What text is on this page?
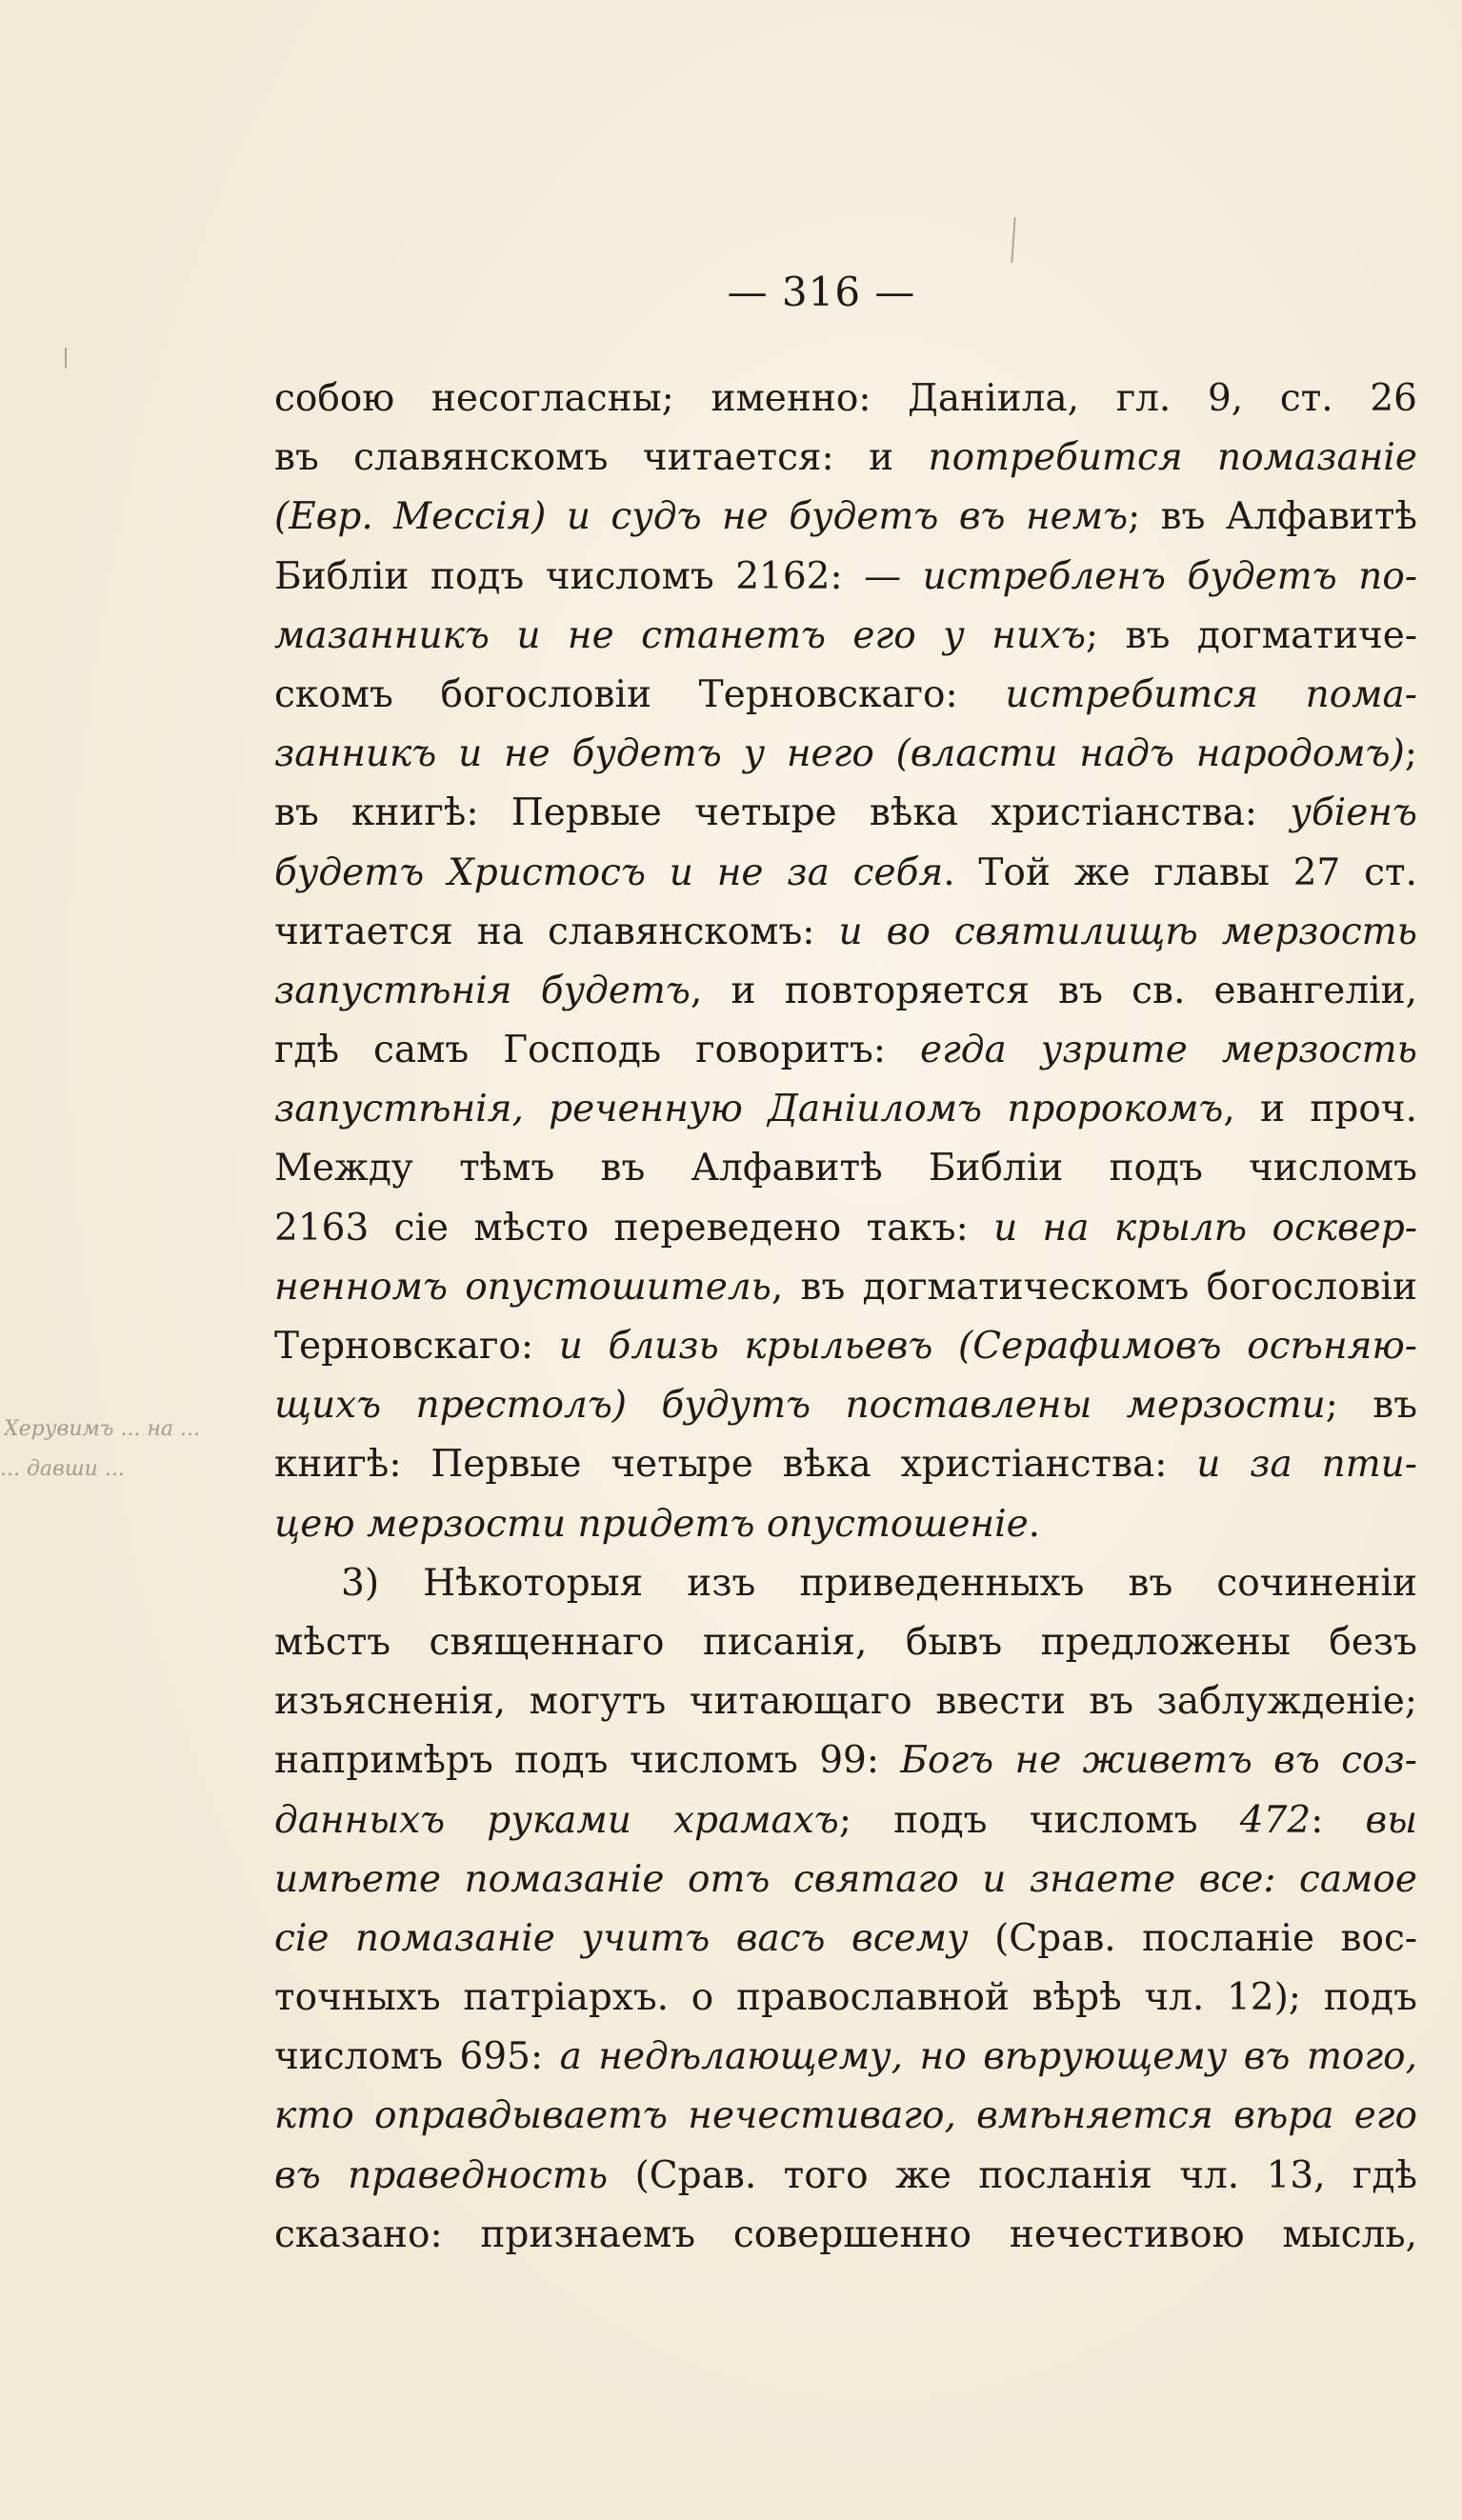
— 316 —
Херувимъ ... на ...
... давши ...
собою несогласны; именно: Даніила, гл. 9, ст. 26
въ славянскомъ читается: и потребится помазаніе
(Евр. Мессія) и судъ не будетъ въ немъ; въ Алфавитѣ
Библіи подъ числомъ 2162: — истребленъ будетъ по-
мазанникъ и не станетъ его у нихъ; въ догматиче-
скомъ богословіи Терновскаго: истребится пома-
занникъ и не будетъ у него (власти надъ народомъ);
въ книгѣ: Первые четыре вѣка христіанства: убіенъ
будетъ Христосъ и не за себя. Той же главы 27 ст.
читается на славянскомъ: и во святилищѣ мерзость
запустѣнія будетъ, и повторяется въ св. евангеліи,
гдѣ самъ Господь говоритъ: егда узрите мерзость
запустѣнія, реченную Даніиломъ пророкомъ, и проч.
Между тѣмъ въ Алфавитѣ Библіи подъ числомъ
2163 сіе мѣсто переведено такъ: и на крылѣ осквер-
ненномъ опустошитель, въ догматическомъ богословіи
Терновскаго: и близь крыльевъ (Серафимовъ осѣняю-
щихъ престолъ) будутъ поставлены мерзости; въ
книгѣ: Первые четыре вѣка христіанства: и за пти-
цею мерзости придетъ опустошеніе.
3) Нѣкоторыя изъ приведенныхъ въ сочинeніи
мѣстъ священнаго писанія, бывъ предложены безъ
изъясненія, могутъ читающаго ввести въ заблужденіе;
напримѣръ подъ числомъ 99: Богъ не живетъ въ соз-
данныхъ руками храмахъ; подъ числомъ 472: вы
имѣете помазаніе отъ святаго и знаете все: самое
сіе помазаніе учитъ васъ всему (Срав. посланіе вос-
точныхъ патріархъ. о православной вѣрѣ чл. 12); подъ
числомъ 695: а недѣлающему, но вѣрующему въ того,
кто оправдываетъ нечестиваго, вмѣняется вѣра его
въ праведность (Срав. того же посланія чл. 13, гдѣ
сказано: признаемъ совершенно нечестивою мысль,
